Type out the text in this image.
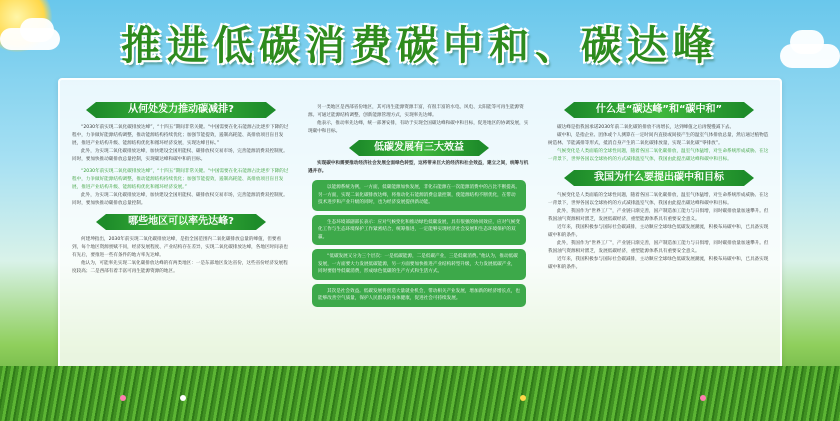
推进低碳消费碳中和、碳达峰
从何处发力推动碳减排?

“2030年前实现二氧化碳排放达峰”，“十四五”期间非常关键。“中国需要在化石能源占比逐步下降的过程中，力争做好能源结构调整，推动能源结构持续优化；加强节能提效，遏制高耗能、高排放项目盲目发展，推进产业结构升级、能源结构优化和循环经济发展，实现达峰目标。”

此外，为实现二氧化碳排放达峰，加快建设全国用能权、碳排放权交易市场，完善能源消费双控制度。同时，要加快推动碳排放总量控制，实现碳达峰和碳中和的目标。

“2030年前实现二氧化碳排放达峰”，“十四五”期间非常关键。“中国需要在化石能源占比逐步下降的过程中，力争做好能源结构调整，推动能源结构持续优化；加强节能提效，遏制高耗能、高排放项目盲目发展，推进产业结构升级、能源结构优化和循环经济发展。”

此外，为实现二氧化碳排放达峰，加快建设全国用能权、碳排放权交易市场，完善能源消费双控制度。同时，要加快推动碳排放总量控制。

哪些地区可以率先达峰?

何建坤指出，2030年前实现二氧化碳排放达峰，是指全国范围内二氧化碳排放总量的峰值，但要看到，每个地区资源禀赋不同，经济发展程度、产业结构存在差异，实现二氧化碳排放达峰，各地区时间表也有先后，要推进一些有条件的地方率先达峰。

他认为，可能率先实现二氧化碳排放达峰的有两类地区：一是东部地区发达省份，这些省份经济发展程度较高；二是西部有着丰富可再生能源资源的地区。

另一类地区是西部省份地区，其可再生能源资源丰富，有很丰富的水电、风电、太阳能等可再生能源资源。可通过能源结构调整，创新能源管理方式，实现率先达峰。

他表示，推动率先达峰，统一部署安排，有助于实现全国碳达峰和碳中和目标，促进地区的协调发展，实现碳中和目标。

低碳发展有三大效益

实现碳中和需要推动经济社会发展全面绿色转型，这将带来巨大的经济和社会效益，建立之间，统筹与机遇并存。

以能源系统为例，一方面，低碳能源加快发展，非化石能源在一次能源消费中的占比不断提高。另一方面，实现二氧化碳排放达峰，将推动化石能源消费总量控制，使能源结构不断优化，在带动技术进步和产业升级的同时，也为经济发展提供新动能。
生态环境部副部长表示：应对气候变化和推动绿色低碳发展，具有很强的协同效应，应对气候变化工作与生态环境保护工作紧密结合，统筹推进，一定能够实现经济社会发展和生态环境保护的双赢。
“低碳发展又分为三个层次：一是低碳能源，二是低碳产业，三是低碳消费。”他认为，推动低碳发展，一方面要大力发展低碳能源，另一方面要加快推进产业结构转型升级，大力发展低碳产业，同时要倡导低碳消费，形成绿色低碳的生产方式和生活方式。
其次是社会效益。低碳发展将创造大量就业机会，带动相关产业发展，增加新的经济增长点，也能够改善空气质量，保护人民群众的身体健康，促进社会可持续发展。
什么是“碳达峰”和“碳中和”

碳达峰是指我国承诺2030年前二氧化碳的排放不再增长，达到峰值之后再慢慢减下去。

碳中和，是指企业、团体或个人测算在一定时间内直接或间接产生的温室气体排放总量，然后通过植物造树造林、节能减排等形式，抵消自身产生的二氧化碳排放量，实现二氧化碳“零排放”。

气候变化是人类面临的全球性问题，随着各国二氧化碳排放，温室气体猛增，对生命系统形成威胁。在这一背景下，世界各国以全球协约的方式减排温室气体，我国由此提出碳达峰和碳中和目标。

我国为什么要提出碳中和目标

气候变化是人类面临的全球性问题，随着各国二氧化碳排放，温室气体猛增，对生命系统形成威胁。在这一背景下，世界各国以全球协约的方式减排温室气体，我国由此提出碳达峰和碳中和目标。

此外，我国作为“世界工厂”，产业链日渐完善，国产制造加工能力与日俱增，同时碳排放量加速攀升。但我国油气资源相对匮乏，发展低碳经济，重塑能源体系具有重要安全意义。

近年来，我国积极参与国际社会碳减排，主动顺应全球绿色低碳发展潮流，积极布局碳中和，已具备实现碳中和的条件。

此外，我国作为“世界工厂”，产业链日渐完善，国产制造加工能力与日俱增，同时碳排放量加速攀升。但我国油气资源相对匮乏，发展低碳经济，重塑能源体系具有重要安全意义。

近年来，我国积极参与国际社会碳减排，主动顺应全球绿色低碳发展潮流，积极布局碳中和，已具备实现碳中和的条件。
